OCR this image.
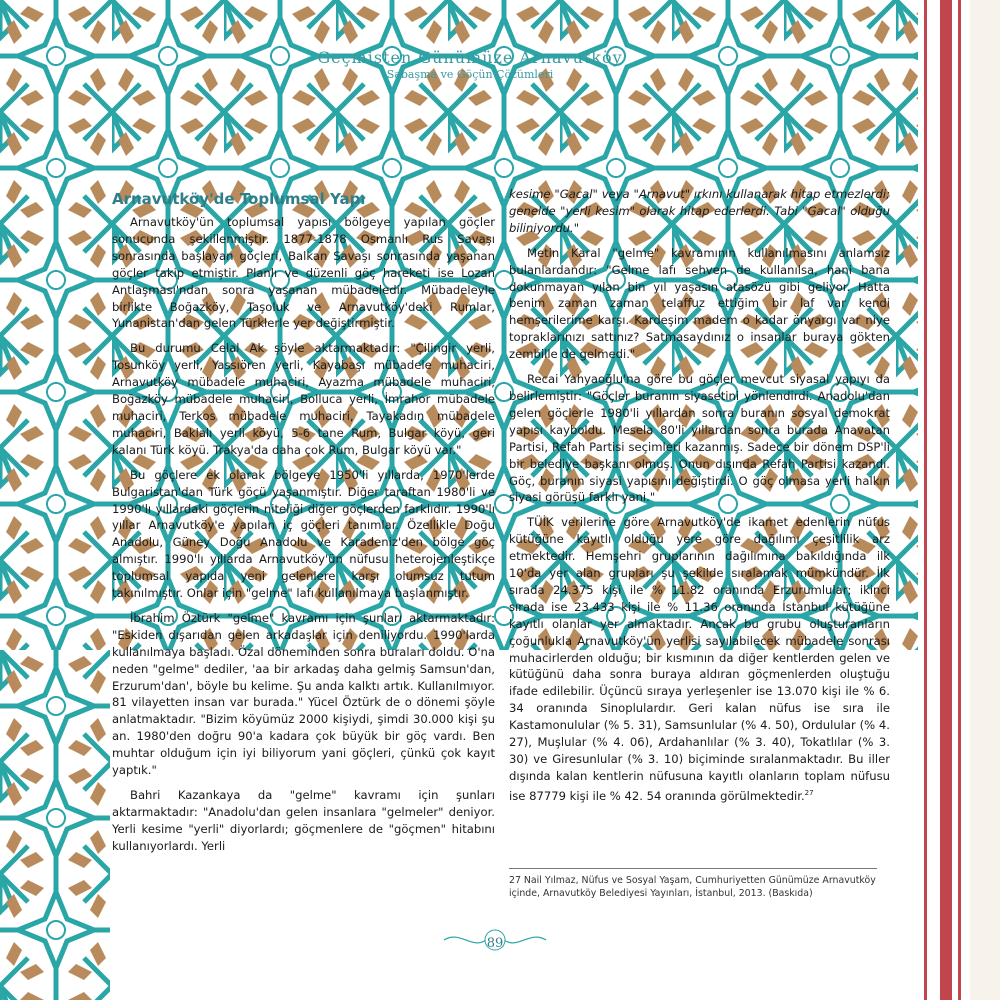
Geçmişten Günümüze Arnavutköy
Sabaşma ve Göçün Çözümleri
Arnavutköy'de Toplumsal Yapı

Arnavutköy'ün toplumsal yapısı bölgeye yapılan göçler sonucunda şekillenmiştir. 1877-1878 Osmanlı Rus Savaşı sonrasında başlayan göçleri, Balkan Savaşı sonrasında yaşanan göçler takip etmiştir. Planlı ve düzenli göç hareketi ise Lozan Antlaşması'ndan sonra yaşanan mübadeledir. Mübadeleyle birlikte Boğazköy, Taşoluk ve Arnavutköy'deki Rumlar, Yunanistan'dan gelen Türklerle yer değiştirmiştir.

Bu durumu Celal Ak şöyle aktarmaktadır: "Çilingir yerli, Tosunköy yerli, Yassıören yerli, Kayabaşı mübadele muhaciri, Arnavutköy mübadele muhaciri, Ayazma mübadele muhaciri, Boğazköy mübadele muhaciri, Bolluca yerli, İmrahor mübadele muhaciri, Terkos mübadele muhaciri, Tayakadın mübadele muhaciri, Baklalı yerli köyü, 5-6 tane Rum, Bulgar köyü, geri kalanı Türk köyü. Trakya'da daha çok Rum, Bulgar köyü var."

Bu göçlere ek olarak bölgeye 1950'li yıllarda, 1970'lerde Bulgaristan'dan Türk göçü yaşanmıştır. Diğer taraftan 1980'li ve 1990'lı yıllardaki göçlerin niteliği diğer göçlerden farklıdır. 1990'lı yıllar Arnavutköy'e yapılan iç göçleri tanımlar. Özellikle Doğu Anadolu, Güney Doğu Anadolu ve Karadeniz'den bölge göç almıştır. 1990'lı yıllarda Arnavutköy'ün nüfusu heterojenleştikçe toplumsal yapıda yeni gelenlere karşı olumsuz tutum takınılmıştır. Onlar için "gelme" lafı kullanılmaya başlanmıştır.

İbrahim Öztürk "gelme" kavramı için şunları aktarmaktadır: "Eskiden dışarıdan gelen arkadaşlar için deniliyordu. 1990'larda kullanılmaya başladı. Özal döneminden sonra buraları doldu. O'na neden "gelme" dediler, 'aa bir arkadaş daha gelmiş Samsun'dan, Erzurum'dan', böyle bu kelime. Şu anda kalktı artık. Kullanılmıyor. 81 vilayetten insan var burada." Yücel Öztürk de o dönemi şöyle anlatmaktadır. "Bizim köyümüz 2000 kişiydi, şimdi 30.000 kişi şu an. 1980'den doğru 90'a kadara çok büyük bir göç vardı. Ben muhtar olduğum için iyi biliyorum yani göçleri, çünkü çok kayıt yaptık."

Bahri Kazankaya da "gelme" kavramı için şunları aktarmaktadır: "Anadolu'dan gelen insanlara "gelmeler" deniyor. Yerli kesime "yerli" diyorlardı; göçmenlere de "göçmen" hitabını kullanıyorlardı. Yerli

kesime "Gacal" veya "Arnavut" ırkını kullanarak hitap etmezlerdi; genelde "yerli kesim" olarak hitap ederlerdi. Tabi "Gacal" olduğu biliniyordu."

Metin Karal "gelme" kavramının kullanılmasını anlamsız bulanlardandır: "Gelme lafı sehven de kullanılsa, hani bana dokunmayan yılan bin yıl yaşasın atasözü gibi geliyor. Hatta benim zaman zaman telaffuz ettiğim bir laf var kendi hemşerilerime karşı. Kardeşim madem o kadar önyargı var niye topraklarınızı sattınız? Satmasaydınız o insanlar buraya gökten zembille de gelmedi."

Recai Yahyaoğlu'na göre bu göçler mevcut siyasal yapıyı da belirlemiştir: "Göçler buranın siyasetini yönlendirdi. Anadolu'dan gelen göçlerle 1980'li yıllardan sonra buranın sosyal demokrat yapısı kayboldu. Mesela 80'li yıllardan sonra burada Anavatan Partisi, Refah Partisi seçimleri kazanmış. Sadece bir dönem DSP'li bir belediye başkanı olmuş. Onun dışında Refah Partisi kazandı. Göç, buranın siyasi yapısını değiştirdi. O göç olmasa yerli halkın siyasi görüşü farklı yani."

TÜİK verilerine göre Arnavutköy'de ikamet edenlerin nüfus kütüğüne kayıtlı olduğu yere göre dağılımı çeşitlilik arz etmektedir. Hemşehri gruplarının dağılımına bakıldığında ilk 10'da yer alan grupları şu şekilde sıralamak mümkündür. İlk sırada 24.375 kişi ile % 11.82 oranında Erzurumlular; ikinci sırada ise 23.433 kişi ile % 11.36 oranında İstanbul kütüğüne kayıtlı olanlar yer almaktadır. Ancak bu grubu oluşturanların çoğunlukla Arnavutköy'ün yerlisi sayılabilecek mübadele sonrası muhacirlerden olduğu; bir kısmının da diğer kentlerden gelen ve kütüğünü daha sonra buraya aldıran göçmenlerden oluştuğu ifade edilebilir. Üçüncü sıraya yerleşenler ise 13.070 kişi ile % 6. 34 oranında Sinoplulardır. Geri kalan nüfus ise sıra ile Kastamonulular (% 5. 31), Samsunlular (% 4. 50), Ordulular (% 4. 27), Muşlular (% 4. 06), Ardahanlılar (% 3. 40), Tokatlılar (% 3. 30) ve Giresunlular (% 3. 10) biçiminde sıralanmaktadır. Bu iller dışında kalan kentlerin nüfusuna kayıtlı olanların toplam nüfusu ise 87779 kişi ile % 42. 54 oranında görülmektedir.$^{27}$

27 Nail Yılmaz, Nüfus ve Sosyal Yaşam, Cumhuriyetten Günümüze Arnavutköy içinde, Arnavutköy Belediyesi Yayınları, İstanbul, 2013. (Baskıda)
$_{89}$
